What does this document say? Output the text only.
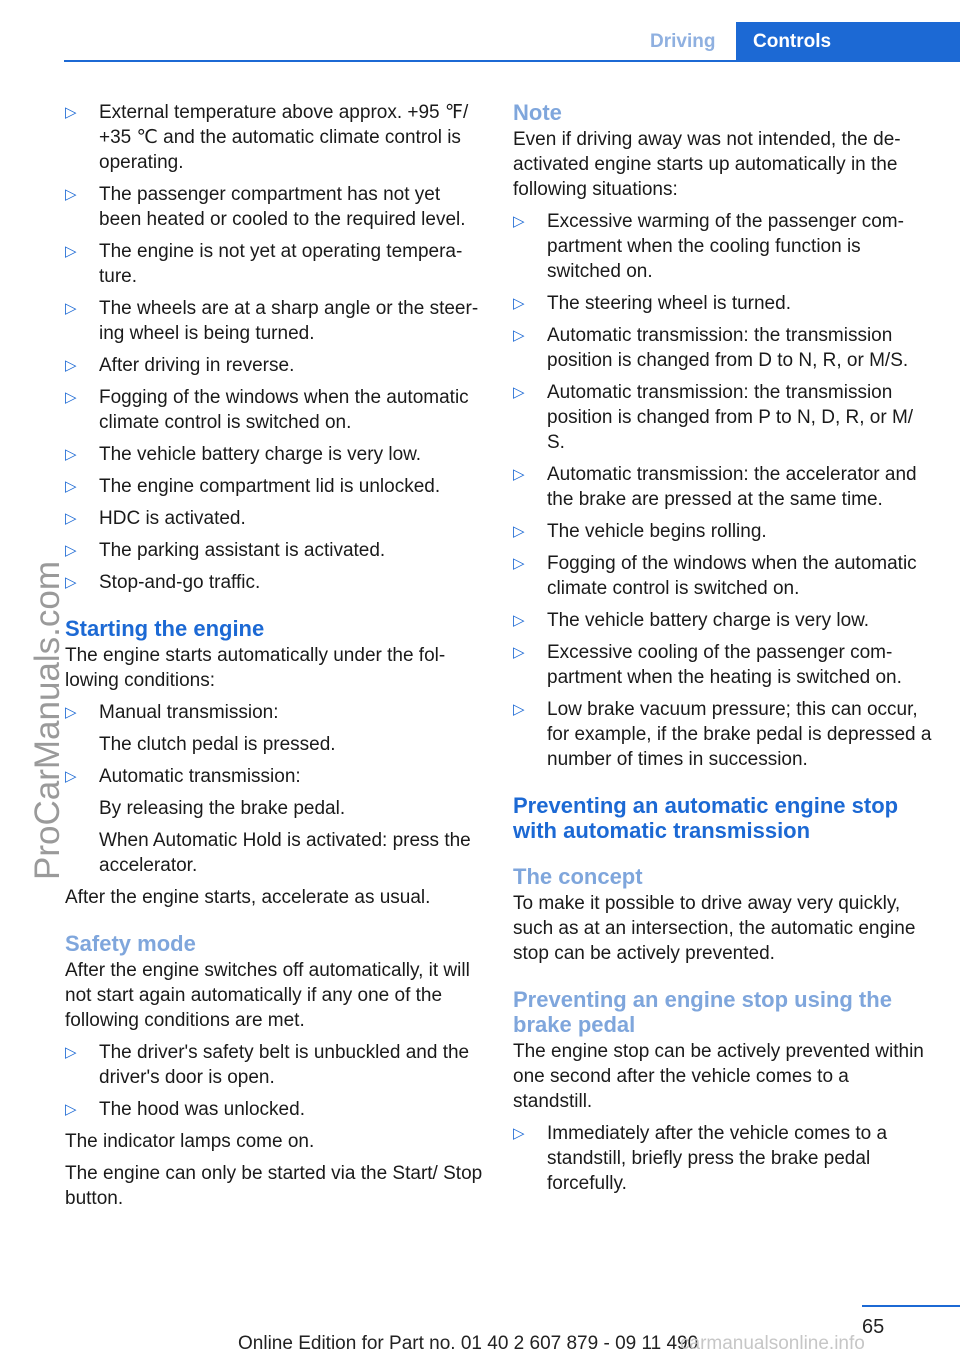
Driving	Controls
ProCarManuals.com
▷ External temperature above approx. +95 ℉/ +35 ℃ and the automatic climate control is operating.
▷ The passenger compartment has not yet been heated or cooled to the required level.
▷ The engine is not yet at operating tempera‐ ture.
▷ The wheels are at a sharp angle or the steer‐ ing wheel is being turned.
▷ After driving in reverse.
▷ Fogging of the windows when the automatic climate control is switched on.
▷ The vehicle battery charge is very low.
▷ The engine compartment lid is unlocked.
▷ HDC is activated.
▷ The parking assistant is activated.
▷ Stop-and-go traffic.
Starting the engine

The engine starts automatically under the fol‐ lowing conditions:

▷ Manual transmission:
The clutch pedal is pressed.
▷ Automatic transmission:
By releasing the brake pedal.
When Automatic Hold is activated: press the accelerator.

After the engine starts, accelerate as usual.

Safety mode

After the engine switches off automatically, it will not start again automatically if any one of the following conditions are met.

▷ The driver's safety belt is unbuckled and the driver's door is open.
▷ The hood was unlocked.

The indicator lamps come on.

The engine can only be started via the Start/ Stop button.

Note

Even if driving away was not intended, the de‐ activated engine starts up automatically in the following situations:

▷ Excessive warming of the passenger com‐ partment when the cooling function is switched on.
▷ The steering wheel is turned.
▷ Automatic transmission: the transmission position is changed from D to N, R, or M/S.
▷ Automatic transmission: the transmission position is changed from P to N, D, R, or M/ S.
▷ Automatic transmission: the accelerator and the brake are pressed at the same time.
▷ The vehicle begins rolling.
▷ Fogging of the windows when the automatic climate control is switched on.
▷ The vehicle battery charge is very low.
▷ Excessive cooling of the passenger com‐ partment when the heating is switched on.
▷ Low brake vacuum pressure; this can occur, for example, if the brake pedal is depressed a number of times in succession.
Preventing an automatic engine stop with automatic transmission
The concept

To make it possible to drive away very quickly, such as at an intersection, the automatic engine stop can be actively prevented.

Preventing an engine stop using the brake pedal

The engine stop can be actively prevented within one second after the vehicle comes to a standstill.

▷ Immediately after the vehicle comes to a standstill, briefly press the brake pedal forcefully.
65
Online Edition for Part no. 01 40 2 607 879 - 09 11 490
carmanualsonline.info
